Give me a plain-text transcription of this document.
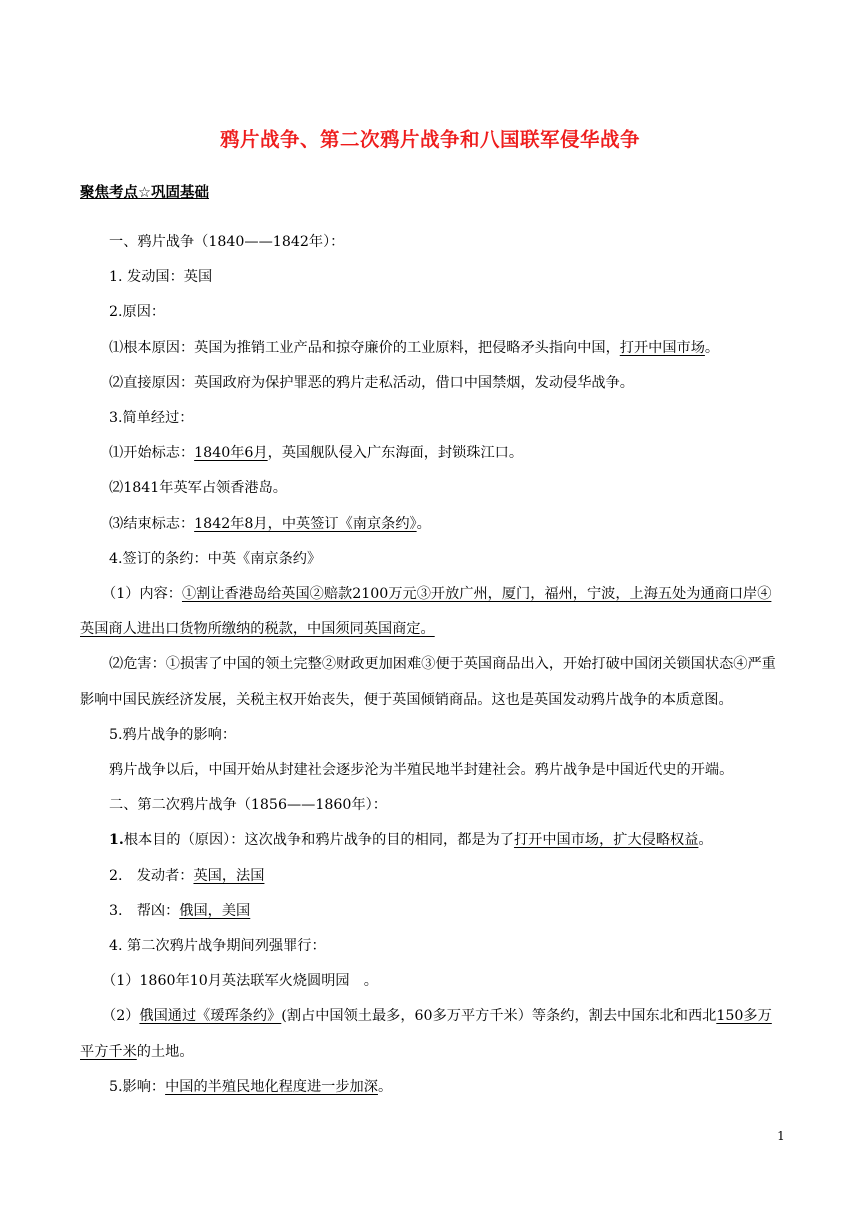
鸦片战争、第二次鸦片战争和八国联军侵华战争
聚焦考点☆巩固基础

一、鸦片战争（1840——1842年）：

1. 发动国：英国

2.原因：

⑴根本原因：英国为推销工业产品和掠夺廉价的工业原料，把侵略矛头指向中国，打开中国市场。

⑵直接原因：英国政府为保护罪恶的鸦片走私活动，借口中国禁烟，发动侵华战争。

3.简单经过：

⑴开始标志：1840年6月，英国舰队侵入广东海面，封锁珠江口。

⑵1841年英军占领香港岛。

⑶结束标志：1842年8月，中英签订《南京条约》。

4.签订的条约：中英《南京条约》

（1）内容：①割让香港岛给英国②赔款2100万元③开放广州，厦门，福州，宁波，上海五处为通商口岸④英国商人进出口货物所缴纳的税款，中国须同英国商定。

⑵危害：①损害了中国的领土完整②财政更加困难③便于英国商品出入，开始打破中国闭关锁国状态④严重影响中国民族经济发展，关税主权开始丧失，便于英国倾销商品。这也是英国发动鸦片战争的本质意图。

5.鸦片战争的影响：

鸦片战争以后，中国开始从封建社会逐步沦为半殖民地半封建社会。鸦片战争是中国近代史的开端。

二、第二次鸦片战争（1856——1860年）：

1.根本目的（原因）：这次战争和鸦片战争的目的相同，都是为了打开中国市场，扩大侵略权益。

2.　发动者：英国，法国

3.　帮凶：俄国，美国

4. 第二次鸦片战争期间列强罪行：

（1）1860年10月英法联军火烧圆明园　。

（2）俄国通过《瑷珲条约》(割占中国领土最多，60多万平方千米）等条约，割去中国东北和西北150多万平方千米的土地。

5.影响：中国的半殖民地化程度进一步加深。

1
